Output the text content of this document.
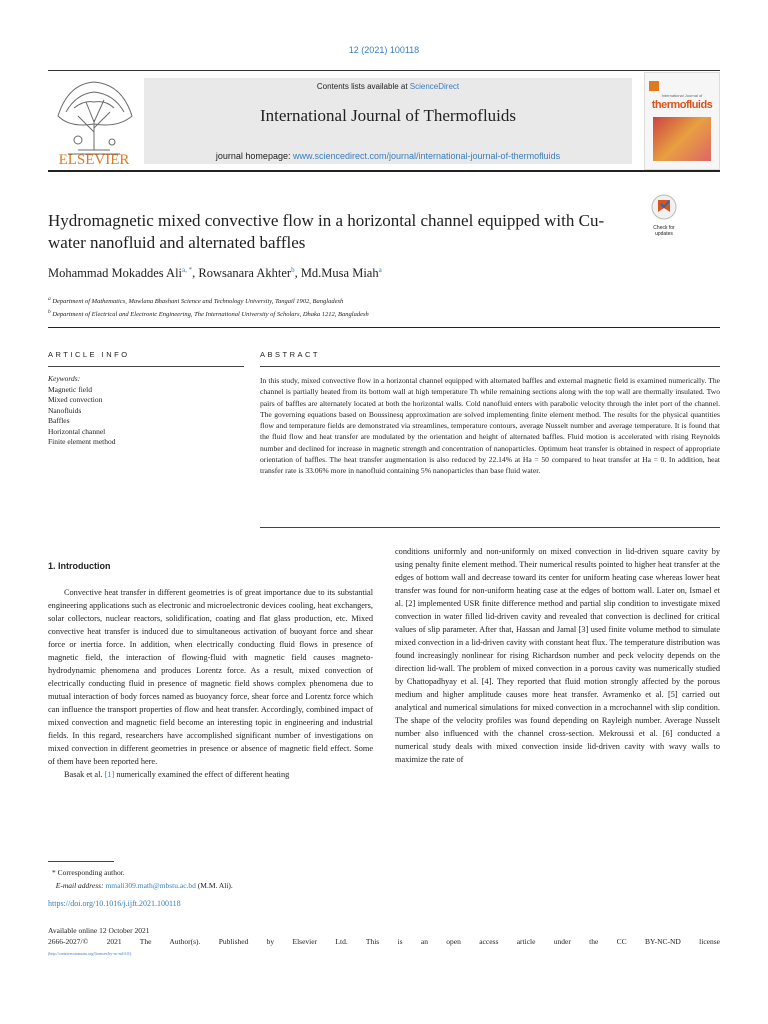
12 (2021) 100118
ELSEVIER
Contents lists available at ScienceDirect
International Journal of Thermofluids
journal homepage: www.sciencedirect.com/journal/international-journal-of-thermofluids
International Journal of
thermofluids
Hydromagnetic mixed convective flow in a horizontal channel equipped with Cu-water nanofluid and alternated baffles
Check for
updates
Mohammad Mokaddes Ali$^{a, *}$, Rowsanara Akhter$^b$, Md.Musa Miah$^a$
$^a$ Department of Mathematics, Mawlana Bhashani Science and Technology University, Tangail 1902, Bangladesh
$^b$ Department of Electrical and Electronic Engineering, The International University of Scholars, Dhaka 1212, Bangladesh
ARTICLE INFO	ABSTRACT
Keywords:
Magnetic field
Mixed convection
Nanofluids
Baffles
Horizontal channel
Finite element method
In this study, mixed convective flow in a horizontal channel equipped with alternated baffles and external magnetic field is examined numerically. The channel is partially heated from its bottom wall at high temperature Th while remaining sections along with the top wall are thermally insulated. Two pairs of baffles are alternately located at both the horizontal walls. Cold nanofluid enters with parabolic velocity through the inlet port of the channel. The governing equations based on Boussinesq approximation are solved implementing finite element method. The results for the physical quantities flow and temperature fields are demonstrated via streamlines, temperature contours, average Nusselt number and average temperature. It is found that the fluid flow and heat transfer are modulated by the orientation and height of alternated baffles. Fluid motion is accelerated with rising Reynolds number and declined for increase in magnetic strength and concentration of nanoparticles. Optimum heat transfer is obtained in respect of appropriate orientation of baffles. The heat transfer augmentation is also reduced by 22.14% at Ha = 50 compared to heat transfer at Ha = 0. In addition, heat transfer rate is 33.06% more in nanofluid containing 5% nanoparticles than base fluid water.
1. Introduction

Convective heat transfer in different geometries is of great importance due to its substantial engineering applications such as electronic and microelectronic devices cooling, heat exchangers, solar collectors, nuclear reactors, solidification, coating and flat glass production, etc. Mixed convective heat transfer is induced due to simultaneous activation of buoyant force and shear force or inertia force. In addition, when electrically conducting fluid flows in presence of magnetic field, the interaction of flowing-fluid with magnetic field causes magneto-hydrodynamic phenomena and produces Lorentz force. As a result, mixed convection of electrically conducting fluid in presence of magnetic field shows complex phenomena due to mutual interaction of body forces named as buoyancy force, shear force and Lorentz force which can influence the transport properties of flow and heat transfer. Accordingly, combined impact of mixed convection and magnetic field become an interesting topic in engineering and industrial fields. In this regard, researchers have accomplished significant number of investigations on mixed convection in different geometries in presence or absence of magnetic field effect. Some of them have been reported here.

Basak et al. [1] numerically examined the effect of different heating

conditions uniformly and non-uniformly on mixed convection in lid-driven square cavity by using penalty finite element method. Their numerical results pointed to higher heat transfer at the edges of bottom wall and decrease toward its center for uniform heating case whereas lower heat transfer was found for non-uniform heating case at the edges of bottom wall. Later on, Ismael et al. [2] implemented USR finite difference method and partial slip condition to investigate mixed convection in water filled lid-driven cavity and revealed that convection is declined for critical values of slip parameter. After that, Hassan and Jamal [3] used finite volume method to simulate mixed convection in a lid-driven cavity with constant heat flux. The temperature distribution was found increasingly nonlinear for rising Richardson number and peck velocity depends on the direction lid-wall. The problem of mixed convection in a porous cavity was numerically studied by Chattopadhyay et al. [4]. They reported that fluid motion strongly affected by the porous medium and higher amplitude causes more heat transfer. Avramenko et al. [5] carried out analytical and numerical simulations for mixed convection in a mcrochannel with slip condition. The shape of the velocity profiles was found depending on Rayleigh number. Average Nusselt number also influenced with the channel cross-section. Mekroussi et al. [6] conducted a numerical study deals with mixed convection inside lid-driven cavity with wavy walls to maximize the rate of

* Corresponding author.
E-mail address: mmali309.math@mbstu.ac.bd (M.M. Ali).
https://doi.org/10.1016/j.ijft.2021.100118
Available online 12 October 2021
2666-2027/© 2021 The Author(s). Published by Elsevier Ltd. This is an open access article under the CC BY-NC-ND license
(http://creativecommons.org/licenses/by-nc-nd/4.0/).
